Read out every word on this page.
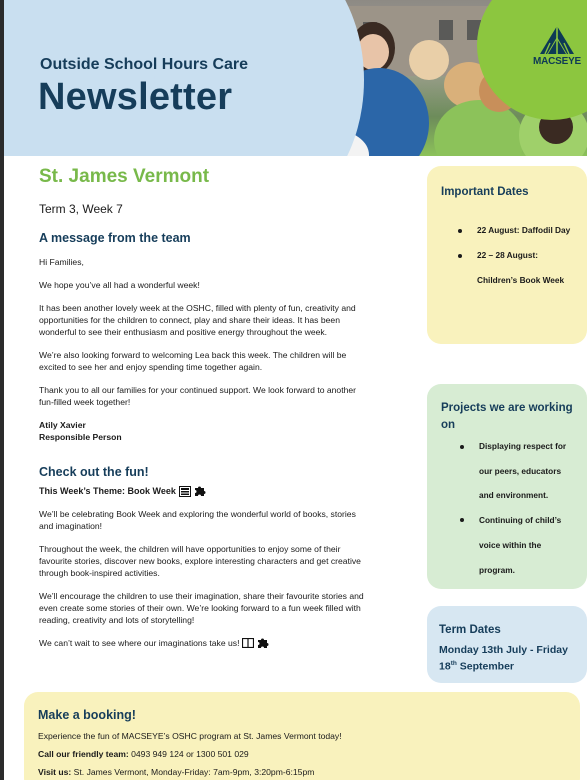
MACSEYE
Outside School Hours Care
Newsletter
St. James Vermont
Term 3, Week 7
A message from the team
Hi Families,
We hope you’ve all had a wonderful week!
It has been another lovely week at the OSHC, filled with plenty of fun, creativity and
opportunities for the children to connect, play and share their ideas. It has been
wonderful to see their enthusiasm and positive energy throughout the week.
We’re also looking forward to welcoming Lea back this week. The children will be
excited to see her and enjoy spending time together again.
Thank you to all our families for your continued support. We look forward to another
fun-filled week together!
Atily Xavier
Responsible Person
Check out the fun!
This Week’s Theme: Book Week
We’ll be celebrating Book Week and exploring the wonderful world of books, stories
and imagination!
Throughout the week, the children will have opportunities to enjoy some of their
favourite stories, discover new books, explore interesting characters and get creative
through book-inspired activities.
We’ll encourage the children to use their imagination, share their favourite stories and
even create some stories of their own. We’re looking forward to a fun week filled with
reading, creativity and lots of storytelling!
We can’t wait to see where our imaginations take us!
Important Dates
22 August: Daffodil Day
22 – 28 August:
Children’s Book Week
Projects we are working
on
Displaying respect for
our peers, educators
and environment.
Continuing of child’s
voice within the
program.
Term Dates
Monday 13th July - Friday
18th September
Make a booking!
Experience the fun of MACSEYE’s OSHC program at St. James Vermont today!
Call our friendly team: 0493 949 124 or 1300 501 029
Visit us: St. James Vermont, Monday-Friday: 7am-9pm, 3:20pm-6:15pm
